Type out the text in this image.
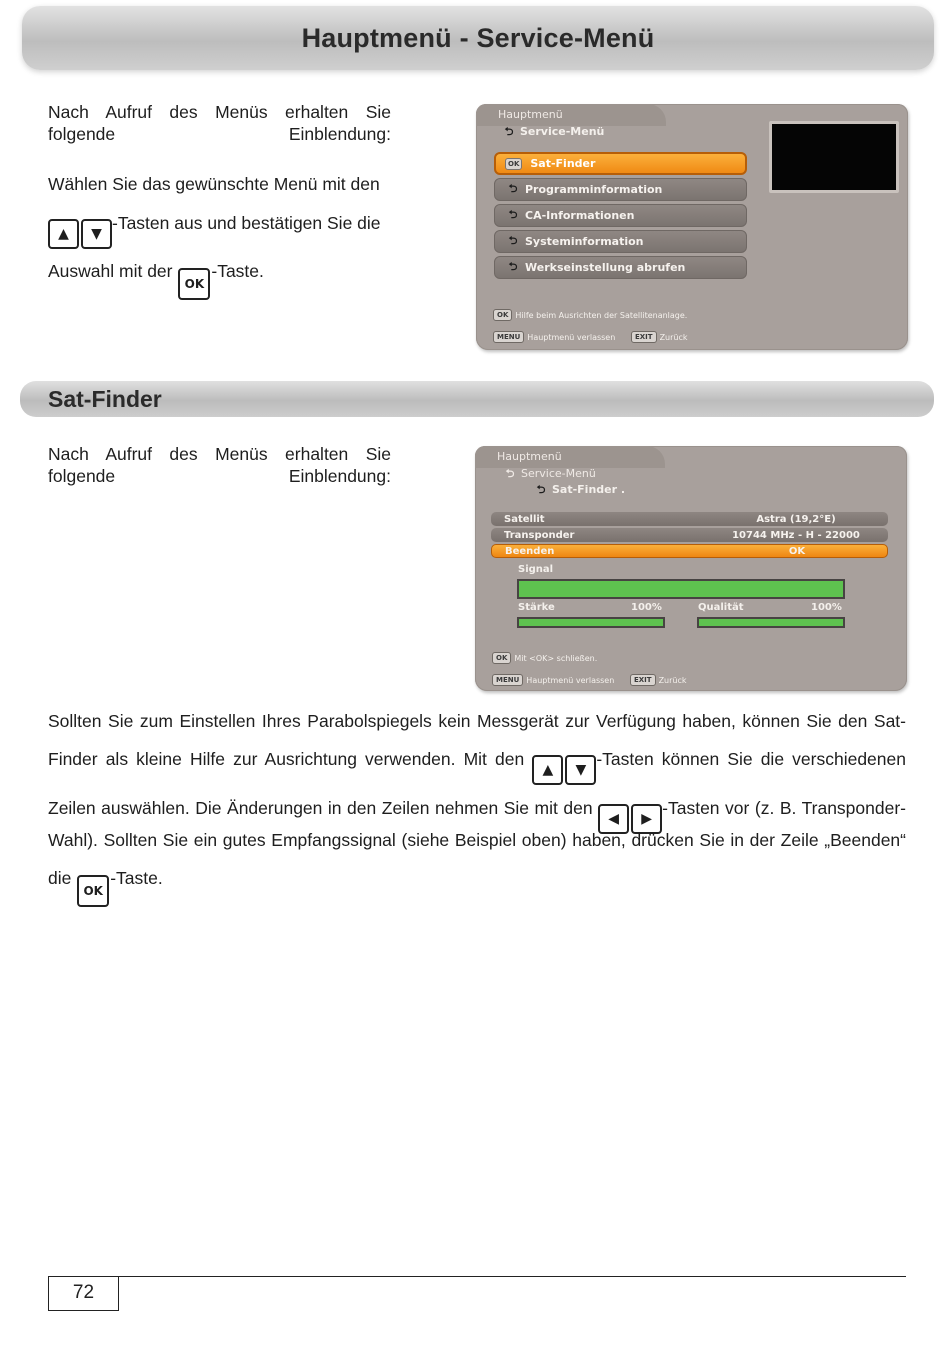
Hauptmenü - Service-Menü
Nach Aufruf des Menüs erhalten Sie folgende Einblendung:
Wählen Sie das gewünschte Menü mit den
▲	▼
-Tasten aus und bestätigen Sie die
Auswahl mit der OK-Taste.
Hauptmenü
⮌ Service-Menü
OK Sat-Finder
⮌ Programminformation
⮌ CA-Informationen
⮌ Systeminformation
⮌ Werkseinstellung abrufen
OK Hilfe beim Ausrichten der Satellitenanlage.
MENU Hauptmenü verlassen	EXIT Zurück
Sat-Finder
Nach Aufruf des Menüs erhalten Sie folgende Einblendung:
Hauptmenü
⮌ Service-Menü
⮌ Sat-Finder .
Satellit	Astra (19,2°E)
Transponder	10744 MHz - H - 22000
Beenden	OK
Signal
Stärke	100%	Qualität	100%
OK Mit <OK> schließen.
MENU Hauptmenü verlassen	EXIT Zurück
Sollten Sie zum Einstellen Ihres Parabolspiegels kein Messgerät zur Verfügung haben, können Sie den Sat-
Finder als kleine Hilfe zur Ausrichtung verwenden. Mit den
▲	▼
-Tasten können Sie die verschiedenen
Zeilen auswählen. Die Änderungen in den Zeilen nehmen Sie mit den
◀	▶
-Tasten vor (z. B. Transponder-
Wahl). Sollten Sie ein gutes Empfangssignal (siehe Beispiel oben) haben, drücken Sie in der Zeile „Beenden“
die OK-Taste.
72
